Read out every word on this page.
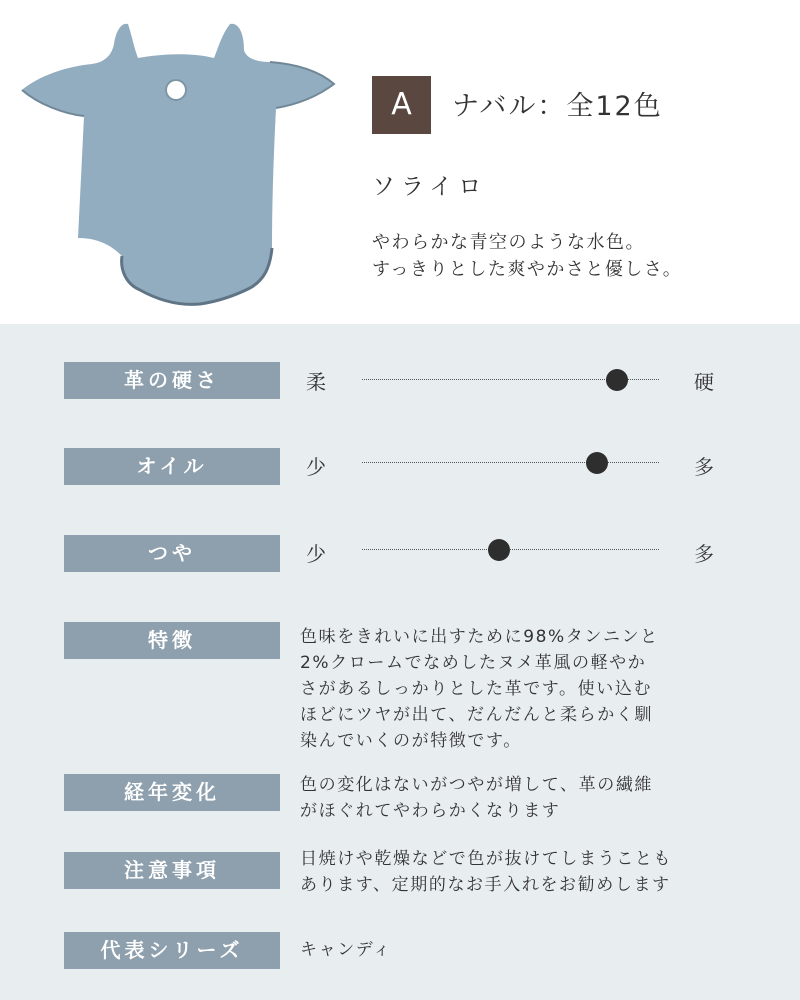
A	ナバル：全12色
ソライロ
やわらかな青空のような水色。
すっきりとした爽やかさと優しさ。
革の硬さ	柔	硬
オイル	少	多
つや	少	多
特徴	色味をきれいに出すために98%タンニンと
2%クロームでなめしたヌメ革風の軽やか
さがあるしっかりとした革です。使い込む
ほどにツヤが出て、だんだんと柔らかく馴
染んでいくのが特徴です。
経年変化	色の変化はないがつやが増して、革の繊維
がほぐれてやわらかくなります
注意事項	日焼けや乾燥などで色が抜けてしまうことも
あります、定期的なお手入れをお勧めします
代表シリーズ	キャンディ
